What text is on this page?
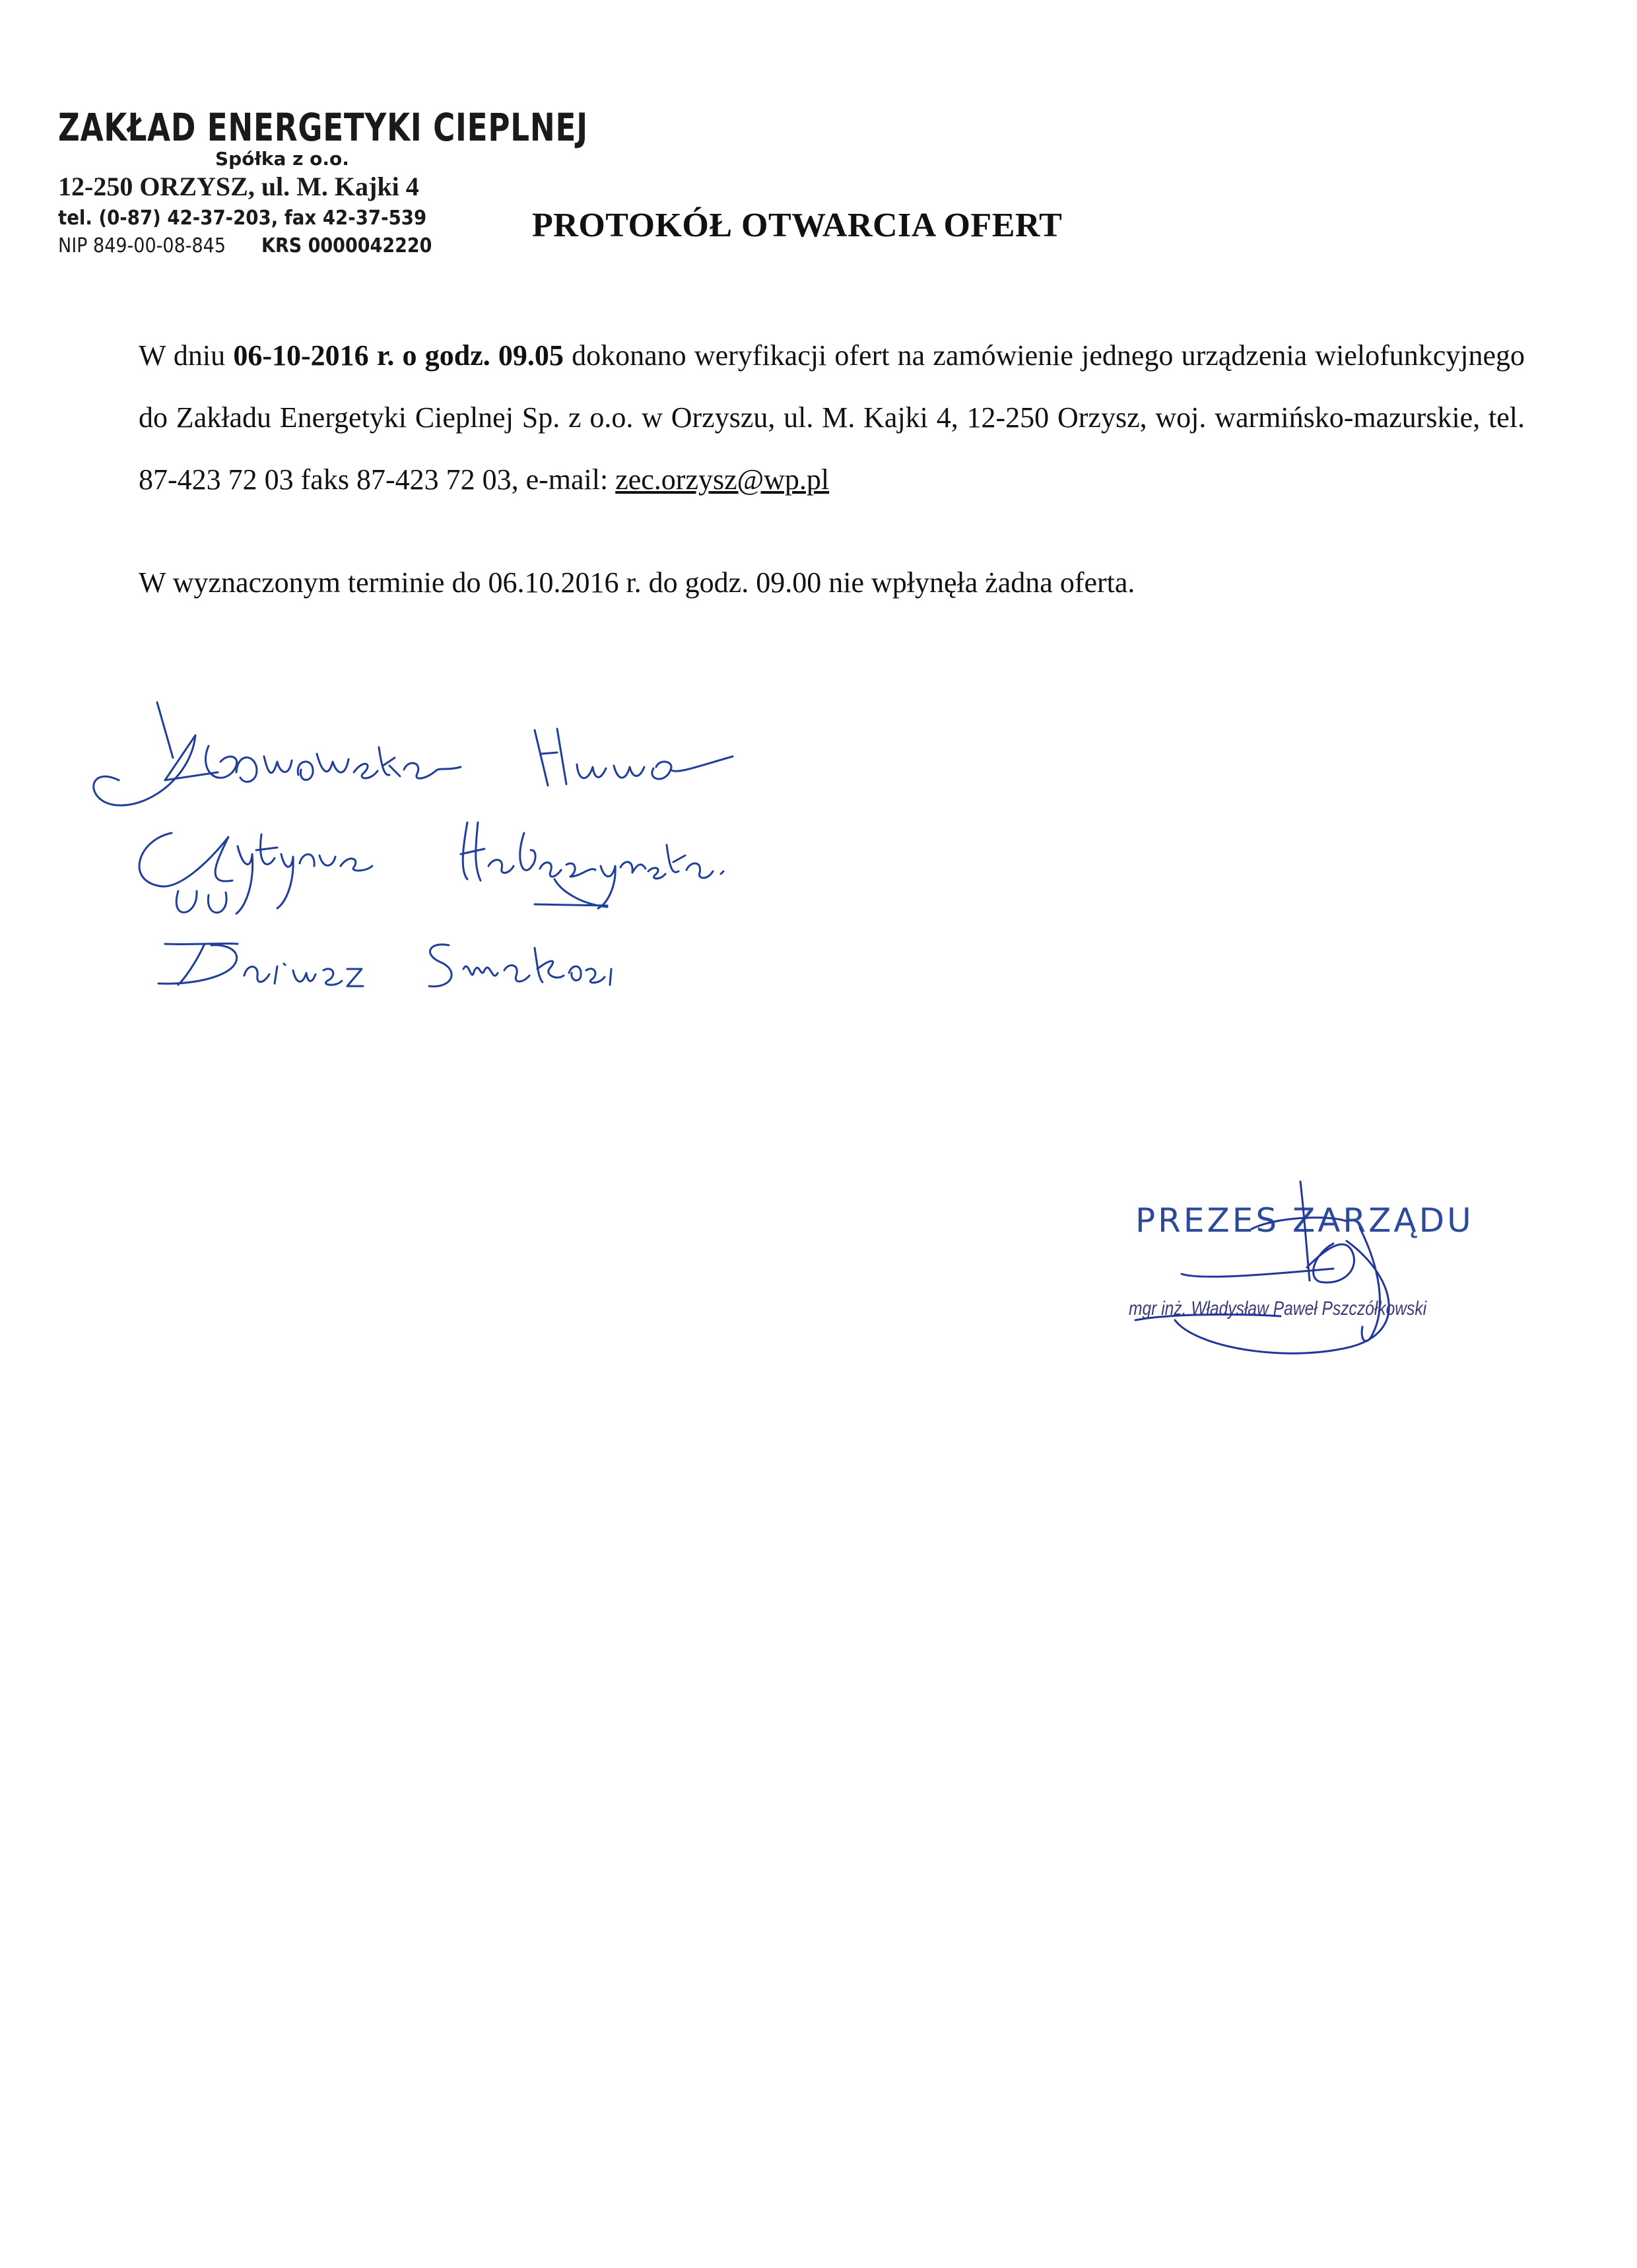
ZAKŁAD ENERGETYKI CIEPLNEJ
Spółka z o.o.
12-250 ORZYSZ, ul. M. Kajki 4
tel. (0-87) 42-37-203, fax 42-37-539
NIP 849-00-08-845 KRS 0000042220
PROTOKÓŁ OTWARCIA OFERT
W dniu 06-10-2016 r. o godz. 09.05 dokonano weryfikacji ofert na zamówienie jednego urządzenia wielofunkcyjnego do Zakładu Energetyki Cieplnej Sp. z o.o. w Orzyszu, ul. M. Kajki 4, 12-250 Orzysz, woj. warmińsko-mazurskie, tel. 87-423 72 03 faks 87-423 72 03, e-mail: zec.orzysz@wp.pl
W wyznaczonym terminie do 06.10.2016 r. do godz. 09.00 nie wpłynęła żadna oferta.
PREZES ZARZĄDU
mgr inż. Władysław Paweł Pszczółkowski
